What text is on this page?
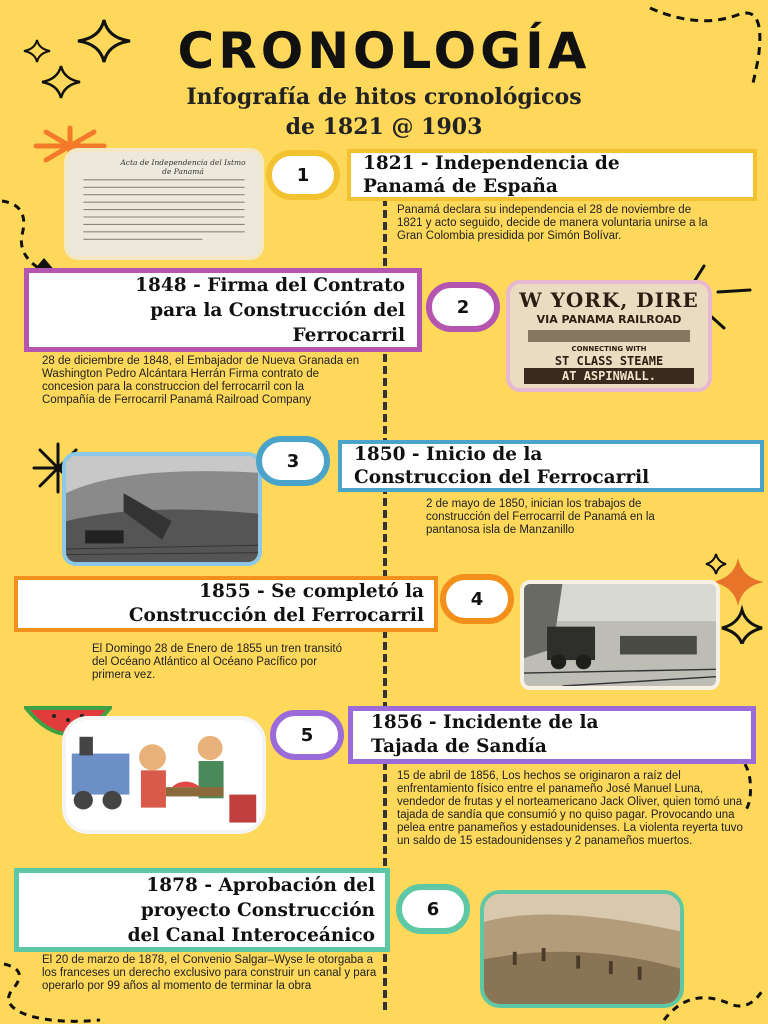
CRONOLOGÍA
Infografía de hitos cronológicos
de 1821 @ 1903
Acta de Independencia del Istmo de Panamá	1
1821 - Independencia de
Panamá de España
Panamá declara su independencia el 28 de noviembre de 1821 y acto seguido, decide de manera voluntaria unirse a la Gran Colombia presidida por Simón Bolívar.
1848 - Firma del Contrato
para la Construcción del
Ferrocarril
2	W YORK, DIRE
VIA PANAMA RAILROAD
CONNECTING WITH
ST CLASS STEAME
AT ASPINWALL.
28 de diciembre de 1848, el Embajador de Nueva Granada en Washington Pedro Alcántara Herrán Firma contrato de concesion para la construccion del ferrocarril con la Compañía de Ferrocarril Panamá Railroad Company
3	1850 - Inicio de la
Construccion del Ferrocarril
2 de mayo de 1850, inician los trabajos de construcción del Ferrocarril de Panamá en la pantanosa isla de Manzanillo
1855 - Se completó la
Construcción del Ferrocarril
4
El Domingo 28 de Enero de 1855 un tren transitó del Océano Atlántico al Océano Pacífico por primera vez.
5
1856 - Incidente de la
Tajada de Sandía
15 de abril de 1856, Los hechos se originaron a raíz del enfrentamiento físico entre el panameño José Manuel Luna, vendedor de frutas y el norteamericano Jack Oliver, quien tomó una tajada de sandía que consumió y no quiso pagar. Provocando una pelea entre panameños y estadounidenses. La violenta reyerta tuvo un saldo de 15 estadounidenses y 2 panameños muertos.
1878 - Aprobación del
proyecto Construcción
del Canal Interoceánico
6
El 20 de marzo de 1878, el Convenio Salgar–Wyse le otorgaba a los franceses un derecho exclusivo para construir un canal y para operarlo por 99 años al momento de terminar la obra
